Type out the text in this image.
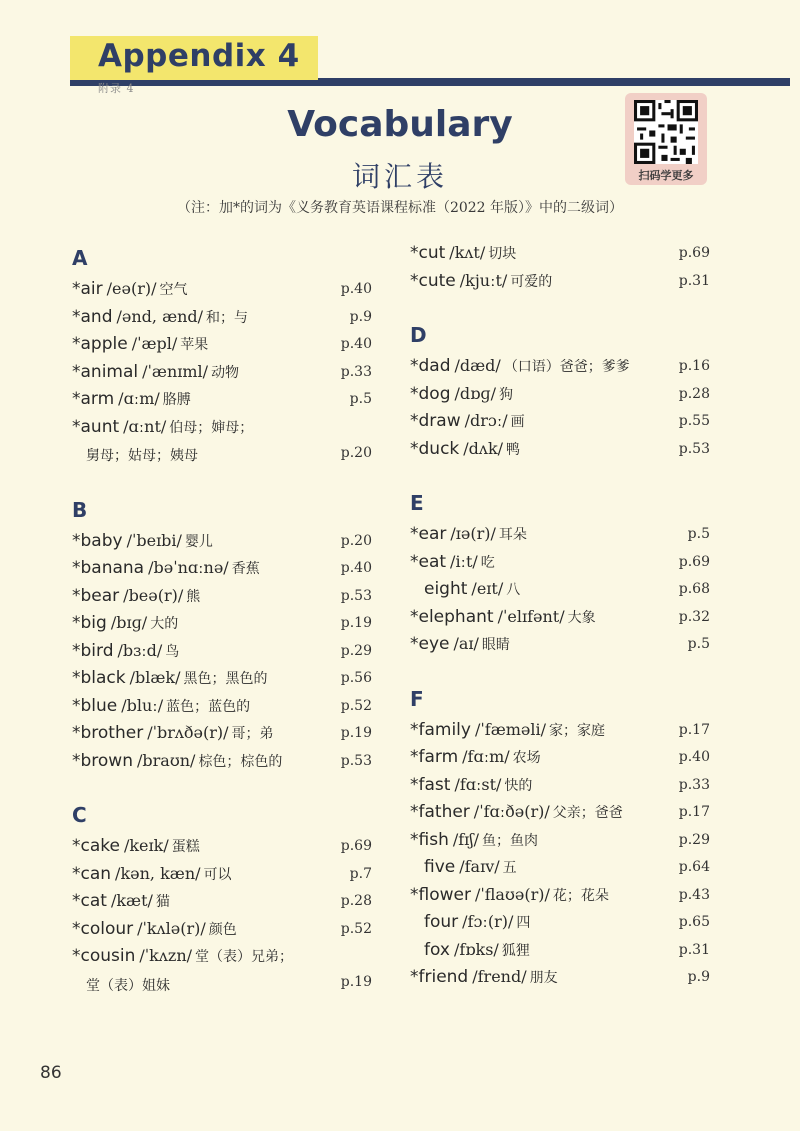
Appendix 4
附录 4
Vocabulary
词汇表
（注：加*的词为《义务教育英语课程标准（2022 年版）》中的二级词）
扫码学更多
A
*air /eə(r)/ 空气	p.40
*and /ənd, ænd/ 和；与	p.9
*apple /ˈæpl/ 苹果	p.40
*animal /ˈænɪml/ 动物	p.33
*arm /ɑːm/ 胳膊	p.5
*aunt /ɑːnt/ 伯母；婶母；
舅母；姑母；姨母	p.20
B
*baby /ˈbeɪbi/ 婴儿	p.20
*banana /bəˈnɑːnə/ 香蕉	p.40
*bear /beə(r)/ 熊	p.53
*big /bɪɡ/ 大的	p.19
*bird /bɜːd/ 鸟	p.29
*black /blæk/ 黑色；黑色的	p.56
*blue /bluː/ 蓝色；蓝色的	p.52
*brother /ˈbrʌðə(r)/ 哥；弟	p.19
*brown /braʊn/ 棕色；棕色的	p.53
C
*cake /keɪk/ 蛋糕	p.69
*can /kən, kæn/ 可以	p.7
*cat /kæt/ 猫	p.28
*colour /ˈkʌlə(r)/ 颜色	p.52
*cousin /ˈkʌzn/ 堂（表）兄弟；
堂（表）姐妹	p.19
*cut /kʌt/ 切块	p.69
*cute /kjuːt/ 可爱的	p.31
D
*dad /dæd/ （口语）爸爸；爹爹	p.16
*dog /dɒɡ/ 狗	p.28
*draw /drɔː/ 画	p.55
*duck /dʌk/ 鸭	p.53
E
*ear /ɪə(r)/ 耳朵	p.5
*eat /iːt/ 吃	p.69
eight /eɪt/ 八	p.68
*elephant /ˈelɪfənt/ 大象	p.32
*eye /aɪ/ 眼睛	p.5
F
*family /ˈfæməli/ 家；家庭	p.17
*farm /fɑːm/ 农场	p.40
*fast /fɑːst/ 快的	p.33
*father /ˈfɑːðə(r)/ 父亲；爸爸	p.17
*fish /fɪʃ/ 鱼；鱼肉	p.29
five /faɪv/ 五	p.64
*flower /ˈflaʊə(r)/ 花；花朵	p.43
four /fɔː(r)/ 四	p.65
fox /fɒks/ 狐狸	p.31
*friend /frend/ 朋友	p.9
86
